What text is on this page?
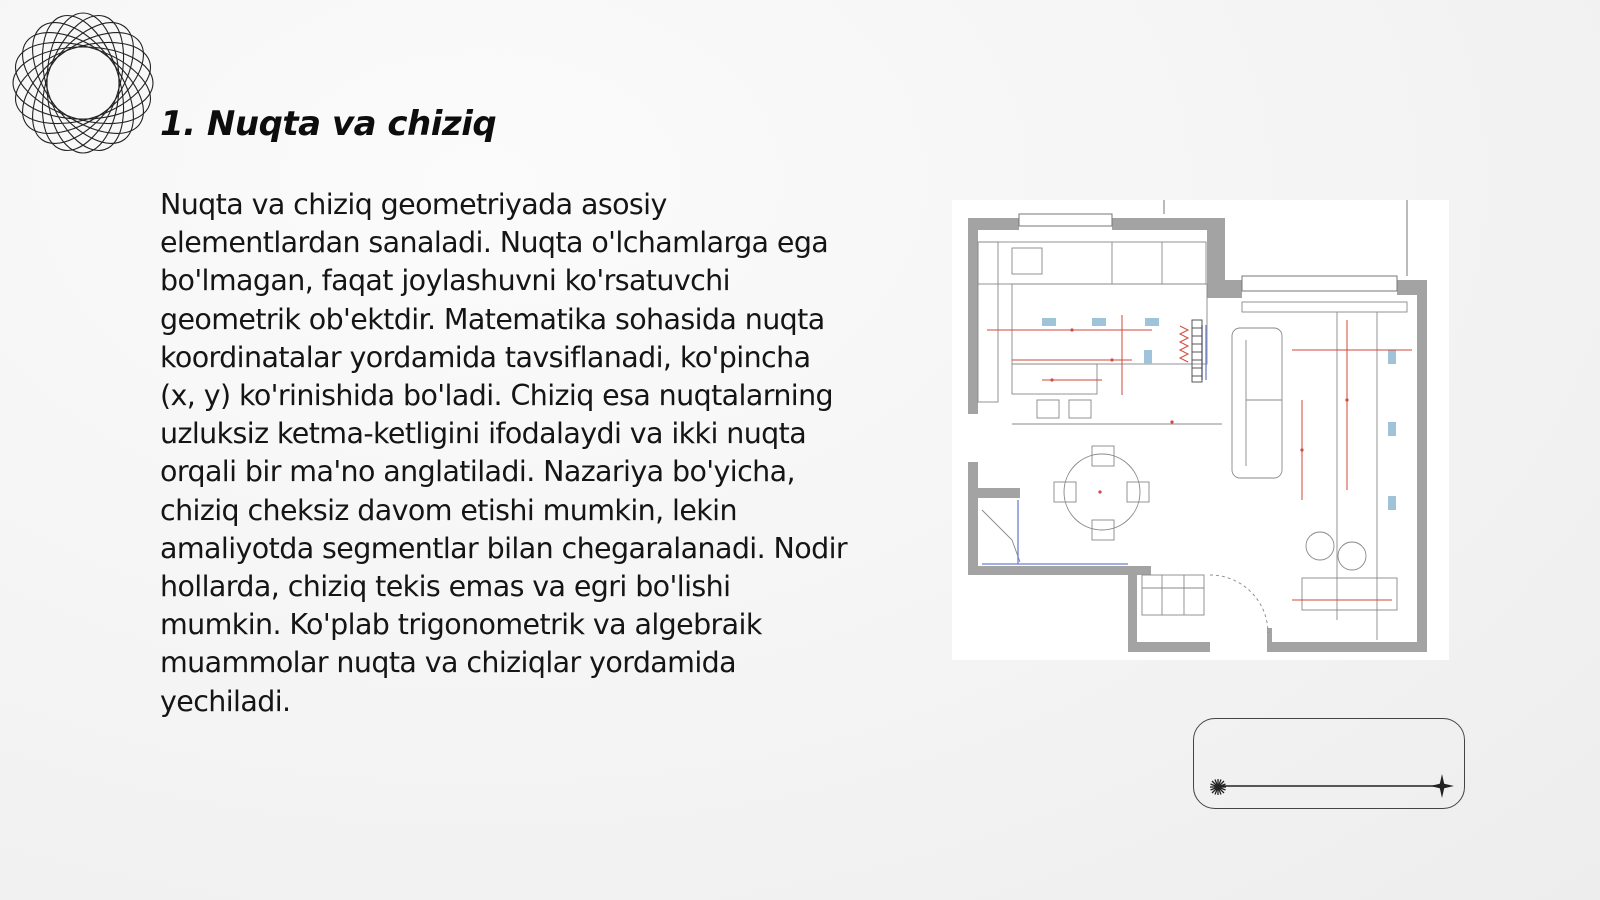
1. Nuqta va chiziq

Nuqta va chiziq geometriyada asosiy elementlardan sanaladi. Nuqta o'lchamlarga ega bo'lmagan, faqat joylashuvni ko'rsatuvchi geometrik ob'ektdir. Matematika sohasida nuqta koordinatalar yordamida tavsiflanadi, ko'pincha (x, y) ko'rinishida bo'ladi. Chiziq esa nuqtalarning uzluksiz ketma-ketligini ifodalaydi va ikki nuqta orqali bir ma'no anglatiladi. Nazariya bo'yicha, chiziq cheksiz davom etishi mumkin, lekin amaliyotda segmentlar bilan chegaralanadi. Nodir hollarda, chiziq tekis emas va egri bo'lishi mumkin. Ko'plab trigonometrik va algebraik muammolar nuqta va chiziqlar yordamida yechiladi.
